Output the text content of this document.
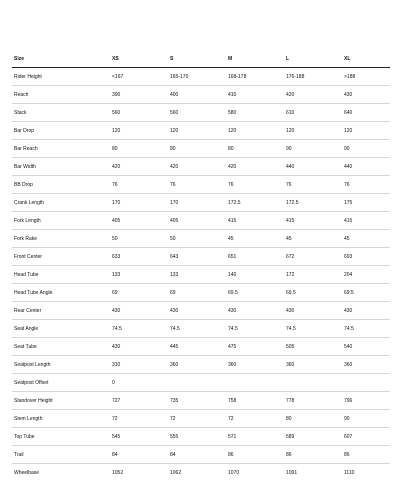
Size	XS	S	M	L	XL
Rider Height	<167	165-170	168-178	176-188	>188
Reach	390	400	410	420	430
Stack	560	560	580	610	640
Bar Drop	120	120	120	120	120
Bar Reach	80	80	80	90	90
Bar Width	420	420	420	440	440
BB Drop	76	76	76	76	76
Crank Length	170	170	172.5	172.5	175
Fork Length	405	405	415	415	415
Fork Rake	50	50	45	45	45
Front Center	633	643	651	672	693
Head Tube	133	133	140	172	204
Head Tube Angle	69	69	69.5	69.5	69.5
Rear Center	430	430	430	430	430
Seat Angle	74.5	74.5	74.5	74.5	74.5
Seat Tube	430	445	475	505	540
Seatpost Length	310	360	360	360	360
Seatpost Offset	0				
Standover Height	727	735	758	778	796
Stem Length	72	72	72	80	90
Top Tube	545	555	571	589	607
Trail	84	84	86	86	86
Wheelbase	1052	1062	1070	1091	1110
